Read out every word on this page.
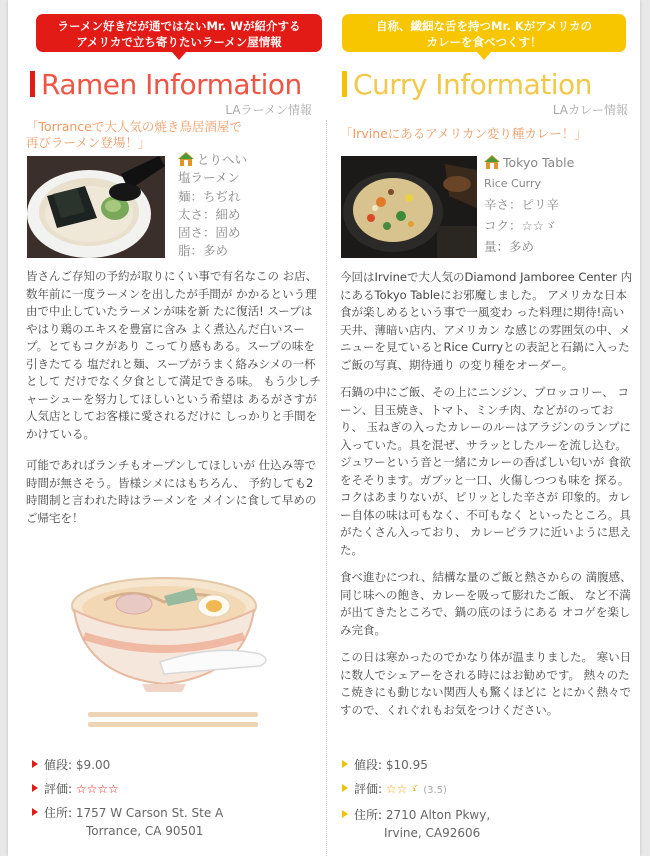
ラーメン好きだが通ではないMr. Wが紹介する
アメリカで立ち寄りたいラーメン屋情報
Ramen Information
LAラーメン情報
「Torranceで大人気の焼き鳥居酒屋で
再びラーメン登場！」
とりへい
塩ラーメン
麺：ちぢれ
太さ：細め
固さ：固め
脂：多め

皆さんご存知の予約が取りにくい事で有名なこの お店、数年前に一度ラーメンを出したが手間が かかるという理由で中止していたラーメンが味を新 たに復活! スープはやはり鶏のエキスを豊富に含み よく煮込んだ白いスープ。とてもコクがあり こってり感もある。スープの味を引きたてる 塩だれと麺、スープがうまく絡みシメの一杯として だけでなく夕食として満足できる味。 もう少しチャーシューを努力してほしいという希望は あるがさすが人気店としてお客様に愛されるだけに しっかりと手間をかけている。

可能であればランチもオープンしてほしいが 仕込み等で時間が無さそう。皆様シメにはもちろん、 予約しても2時間制と言われた時はラーメンを メインに食して早めのご帰宅を！

値段: $9.00
評価: ☆☆☆☆
住所: 1757 W Carson St. Ste A
Torrance, CA 90501
自称、繊細な舌を持つMr. Kがアメリカの
カレーを食べつくす！
Curry Information
LAカレー情報
「Irvineにあるアメリカン変り種カレー！」
Tokyo Table
Rice Curry
辛さ：ピリ辛
コク：☆☆ゞ
量：多め

今回はIrvineで大人気のDiamond Jamboree Center 内にあるTokyo Tableにお邪魔しました。 アメリカな日本食が楽しめるという事で一風変わ った料理に期待!高い天井、薄暗い店内、アメリカン な感じの雰囲気の中、メニューを見ているとRice Curryとの表記と石鍋に入ったご飯の写真、期待通り の変り種をオーダー。

石鍋の中にご飯、その上にニンジン、ブロッコリー、 コーン、目玉焼き、トマト、ミンチ肉、などがのっており、 玉ねぎの入ったカレーのルーはアラジンのランプに 入っていた。具を混ぜ、サラッとしたルーを流し込む。 ジュワーという音と一緒にカレーの香ばしい匂いが 食欲をそそります。ガブッと一口、火傷しつつも味を 探る。コクはあまりないが、ピリッとした辛さが 印象的。カレー自体の味は可もなく、不可もなく といったところ。具がたくさん入っており、 カレーピラフに近いように思えた。

食べ進むにつれ、結構な量のご飯と熱さからの 満腹感、同じ味への飽き、カレーを吸って膨れたご飯、 など不満が出てきたところで、鍋の底のほうにある オコゲを楽しみ完食。

この日は寒かったのでかなり体が温まりました。 寒い日に数人でシェアーをされる時にはお勧めです。 熱々のたこ焼きにも動じない関西人も驚くほどに とにかく熱々ですので、くれぐれもお気をつけください。

値段: $10.95
評価: ☆☆ゞ (3.5)
住所: 2710 Alton Pkwy,
Irvine, CA92606
